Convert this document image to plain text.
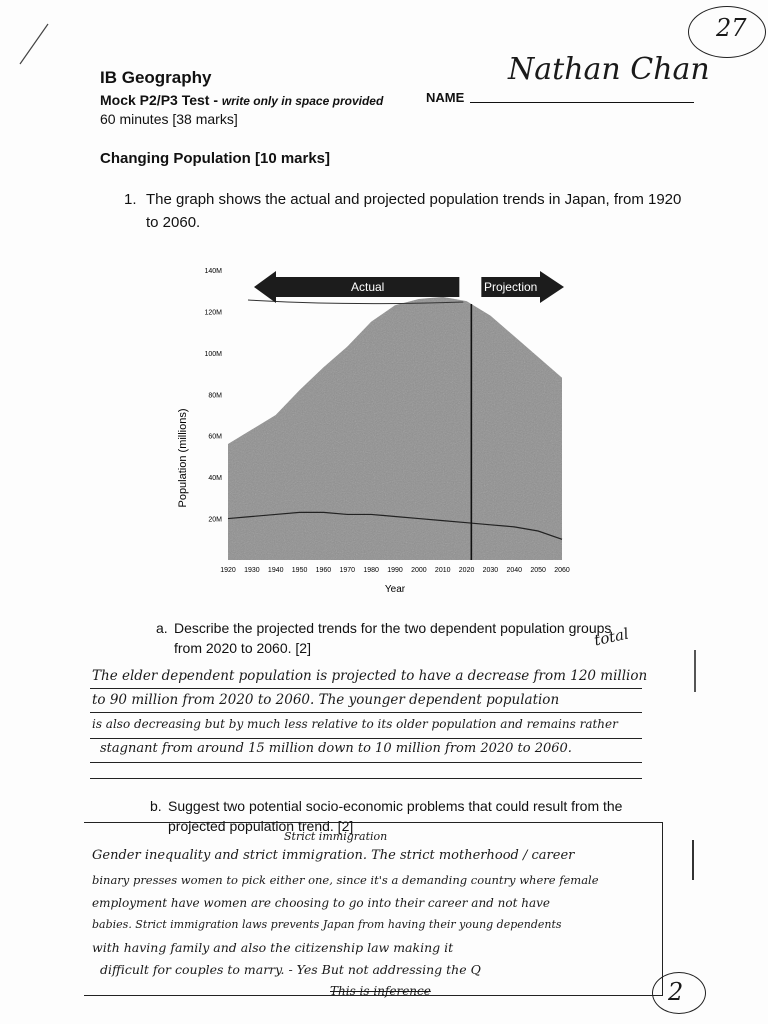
IB Geography
Mock P2/P3 Test - write only in space provided
60 minutes [38 marks]
NAME
Nathan Chan
27
Changing Population [10 marks]
1. The graph shows the actual and projected population trends in Japan, from 1920 to 2060.
20M
40M
60M
80M
100M
120M
140M
1920 1930 1940 1950 1960 1970 1980 1990 2000 2010 2020 2030 2040 2050 2060
Actual	Projection
Population (millions)
Year
a. Describe the projected trends for the two dependent population groups from 2020 to 2060. [2]	total
The elder dependent population is projected to have a decrease from 120 million
to 90 million from 2020 to 2060. The younger dependent population
is also decreasing but by much less relative to its older population and remains rather
stagnant from around 15 million down to 10 million from 2020 to 2060.
b. Suggest two potential socio-economic problems that could result from the projected population trend. [2]
Strict immigration
Gender inequality and strict immigration. The strict motherhood / career
binary presses women to pick either one, since it's a demanding country where female
employment have women are choosing to go into their career and not have
babies. Strict immigration laws prevents Japan from having their young dependents
with having family and also the citizenship law making it
difficult for couples to marry. - Yes But not addressing the Q
This is inference	2
